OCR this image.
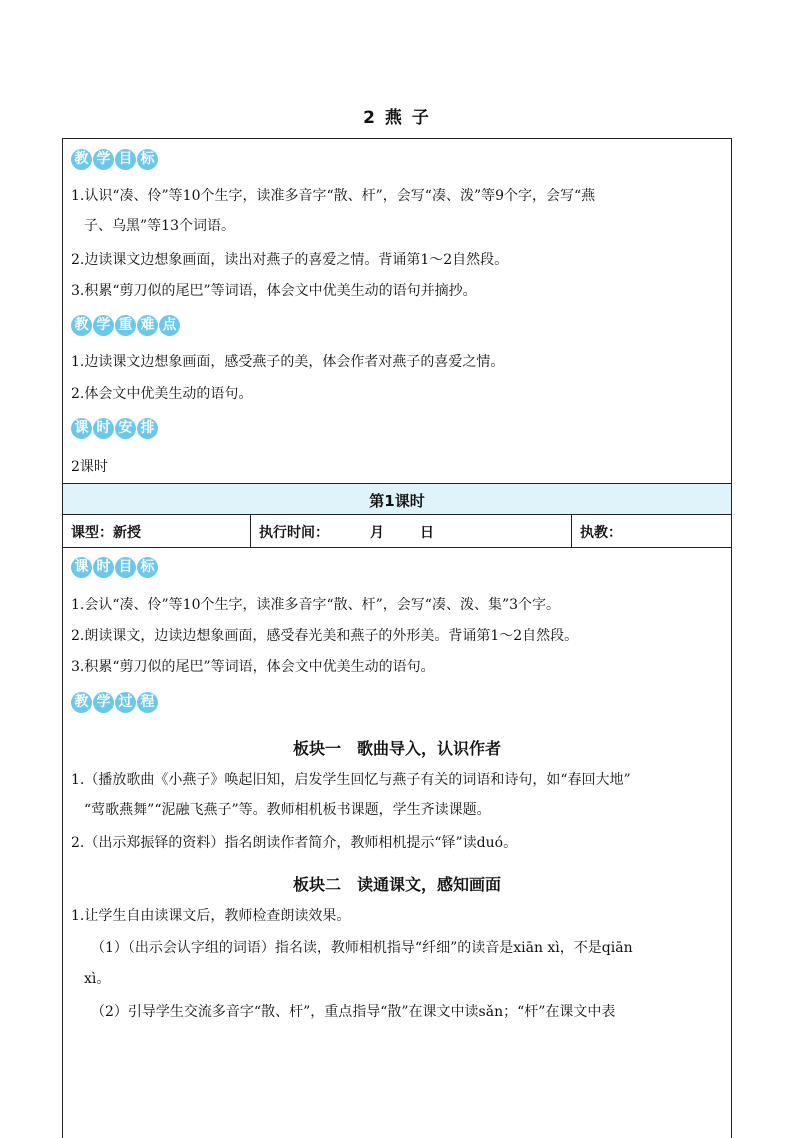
2 燕 子
教 学 目 标
1.认识“凑、伶”等10个生字，读准多音字“散、杆”，会写“凑、泼”等9个字，会写“燕
子、乌黑”等13个词语。
2.边读课文边想象画面，读出对燕子的喜爱之情。背诵第1～2自然段。
3.积累“剪刀似的尾巴”等词语，体会文中优美生动的语句并摘抄。
教 学 重 难 点
1.边读课文边想象画面，感受燕子的美，体会作者对燕子的喜爱之情。
2.体会文中优美生动的语句。
课 时 安 排
2课时
第1课时
课型：新授	执行时间：	月	日	执教：
课 时 目 标
1.会认“凑、伶”等10个生字，读准多音字“散、杆”，会写“凑、泼、集”3个字。
2.朗读课文，边读边想象画面，感受春光美和燕子的外形美。背诵第1～2自然段。
3.积累“剪刀似的尾巴”等词语，体会文中优美生动的语句。
教 学 过 程
板块一　歌曲导入，认识作者
1.（播放歌曲《小燕子》唤起旧知，启发学生回忆与燕子有关的词语和诗句，如“春回大地”
“莺歌燕舞”“泥融飞燕子”等。教师相机板书课题，学生齐读课题。
2.（出示郑振铎的资料）指名朗读作者简介，教师相机提示“铎”读duó。
板块二　读通课文，感知画面
1.让学生自由读课文后，教师检查朗读效果。
（1）（出示会认字组的词语）指名读，教师相机指导“纤细”的读音是xiān xì，不是qiān
xì。
（2）引导学生交流多音字“散、杆”，重点指导“散”在课文中读sǎn；“杆”在课文中表
